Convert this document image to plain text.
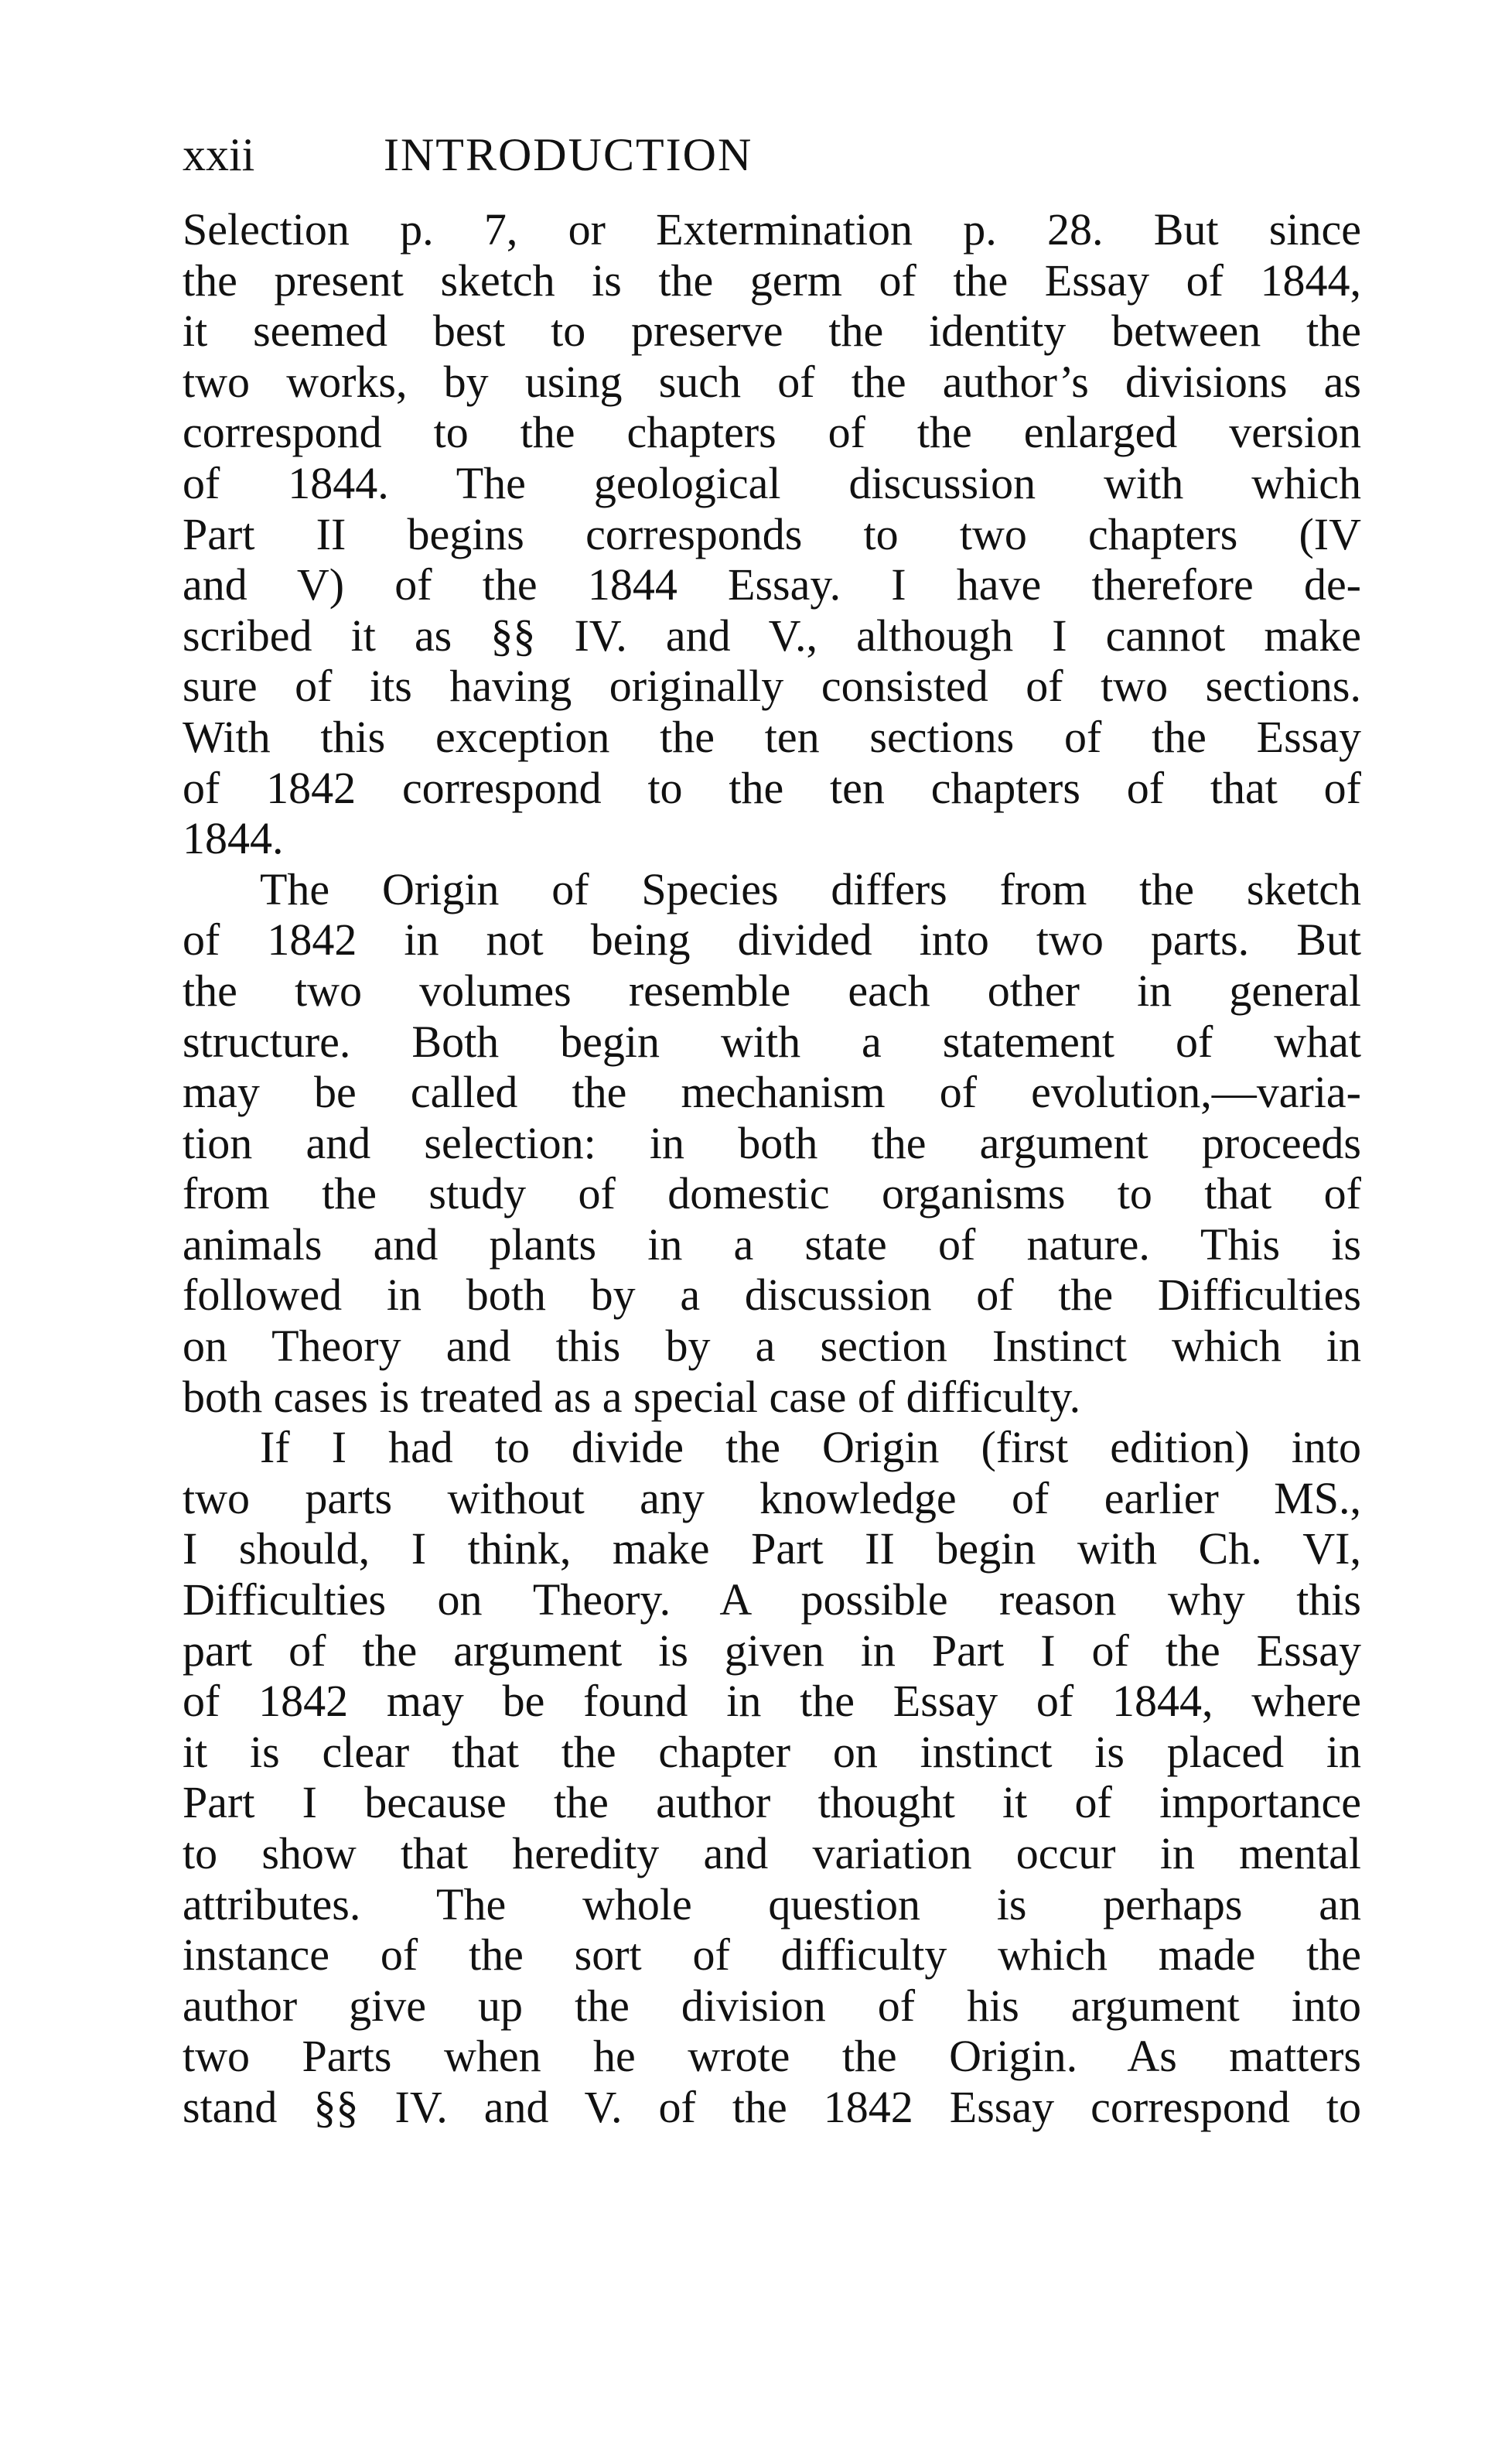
xxii	INTRODUCTION
Selection p. 7, or Extermination p. 28. But since
the present sketch is the germ of the Essay of 1844,
it seemed best to preserve the identity between the
two works, by using such of the author’s divisions as
correspond to the chapters of the enlarged version
of 1844. The geological discussion with which
Part II begins corresponds to two chapters (IV
and V) of the 1844 Essay. I have therefore de-
scribed it as §§ IV. and V., although I cannot make
sure of its having originally consisted of two sections.
With this exception the ten sections of the Essay
of 1842 correspond to the ten chapters of that of
1844.
The Origin of Species differs from the sketch
of 1842 in not being divided into two parts. But
the two volumes resemble each other in general
structure. Both begin with a statement of what
may be called the mechanism of evolution,—varia-
tion and selection: in both the argument proceeds
from the study of domestic organisms to that of
animals and plants in a state of nature. This is
followed in both by a discussion of the Difficulties
on Theory and this by a section Instinct which in
both cases is treated as a special case of difficulty.
If I had to divide the Origin (first edition) into
two parts without any knowledge of earlier MS.,
I should, I think, make Part II begin with Ch. VI,
Difficulties on Theory. A possible reason why this
part of the argument is given in Part I of the Essay
of 1842 may be found in the Essay of 1844, where
it is clear that the chapter on instinct is placed in
Part I because the author thought it of importance
to show that heredity and variation occur in mental
attributes. The whole question is perhaps an
instance of the sort of difficulty which made the
author give up the division of his argument into
two Parts when he wrote the Origin. As matters
stand §§ IV. and V. of the 1842 Essay correspond to
